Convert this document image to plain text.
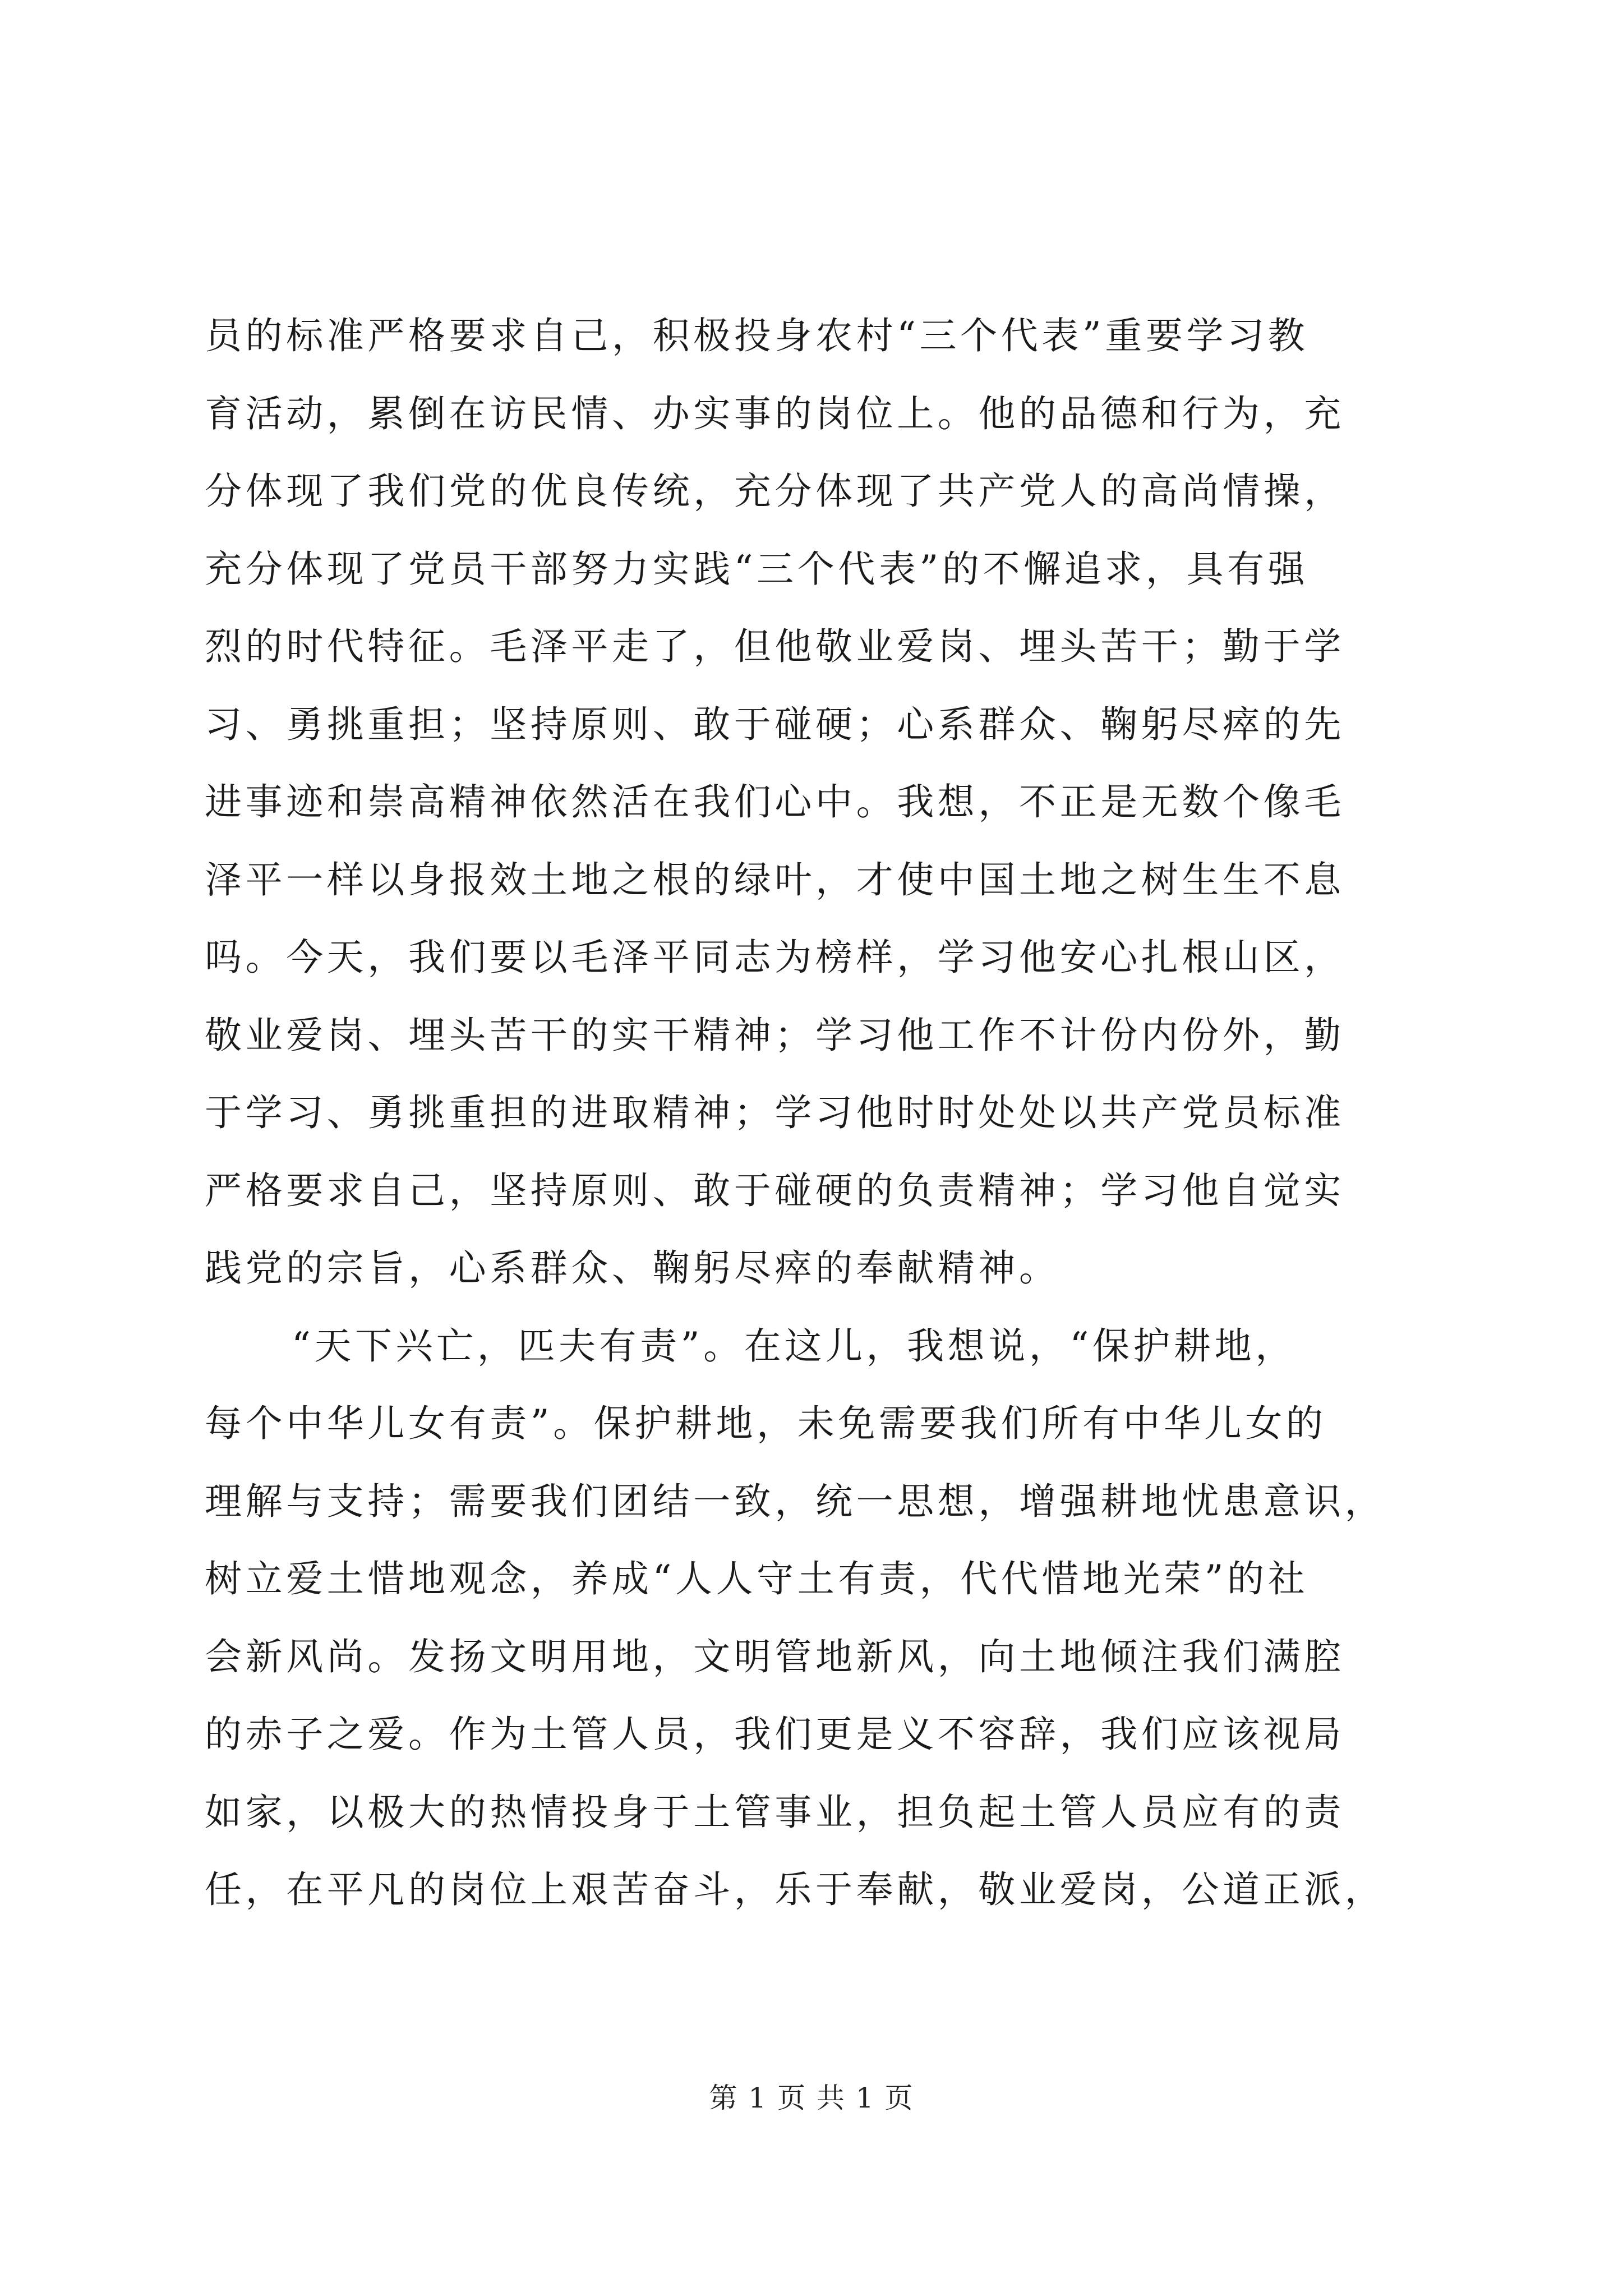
员的标准严格要求自己，积极投身农村“三个代表”重要学习教
育活动，累倒在访民情、办实事的岗位上。他的品德和行为，充
分体现了我们党的优良传统，充分体现了共产党人的高尚情操，
充分体现了党员干部努力实践“三个代表”的不懈追求，具有强
烈的时代特征。毛泽平走了，但他敬业爱岗、埋头苦干；勤于学
习、勇挑重担；坚持原则、敢于碰硬；心系群众、鞠躬尽瘁的先
进事迹和崇高精神依然活在我们心中。我想，不正是无数个像毛
泽平一样以身报效土地之根的绿叶，才使中国土地之树生生不息
吗。今天，我们要以毛泽平同志为榜样，学习他安心扎根山区，
敬业爱岗、埋头苦干的实干精神；学习他工作不计份内份外，勤
于学习、勇挑重担的进取精神；学习他时时处处以共产党员标准
严格要求自己，坚持原则、敢于碰硬的负责精神；学习他自觉实
践党的宗旨，心系群众、鞠躬尽瘁的奉献精神。
“天下兴亡，匹夫有责”。在这儿，我想说，“保护耕地，
每个中华儿女有责”。保护耕地，未免需要我们所有中华儿女的
理解与支持；需要我们团结一致，统一思想，增强耕地忧患意识，
树立爱土惜地观念，养成“人人守土有责，代代惜地光荣”的社
会新风尚。发扬文明用地，文明管地新风，向土地倾注我们满腔
的赤子之爱。作为土管人员，我们更是义不容辞，我们应该视局
如家，以极大的热情投身于土管事业，担负起土管人员应有的责
任，在平凡的岗位上艰苦奋斗，乐于奉献，敬业爱岗，公道正派，
第 1 页 共 1 页
